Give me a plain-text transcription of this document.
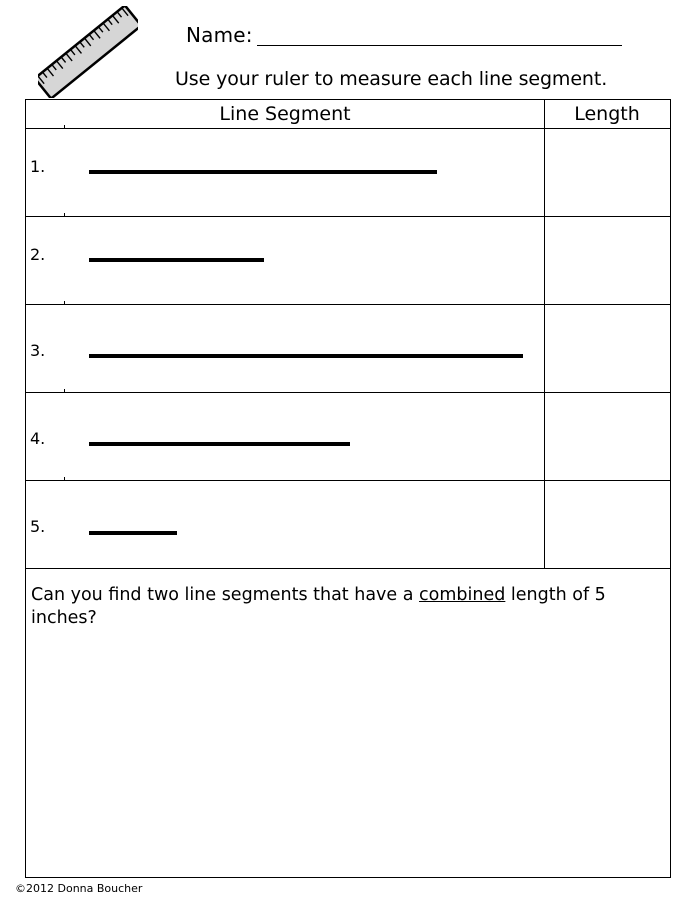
Name:
Use your ruler to measure each line segment.
Line Segment	Length
1.
2.
3.
4.
5.
Can you find two line segments that have a combined length of 5 inches?
©2012 Donna Boucher
